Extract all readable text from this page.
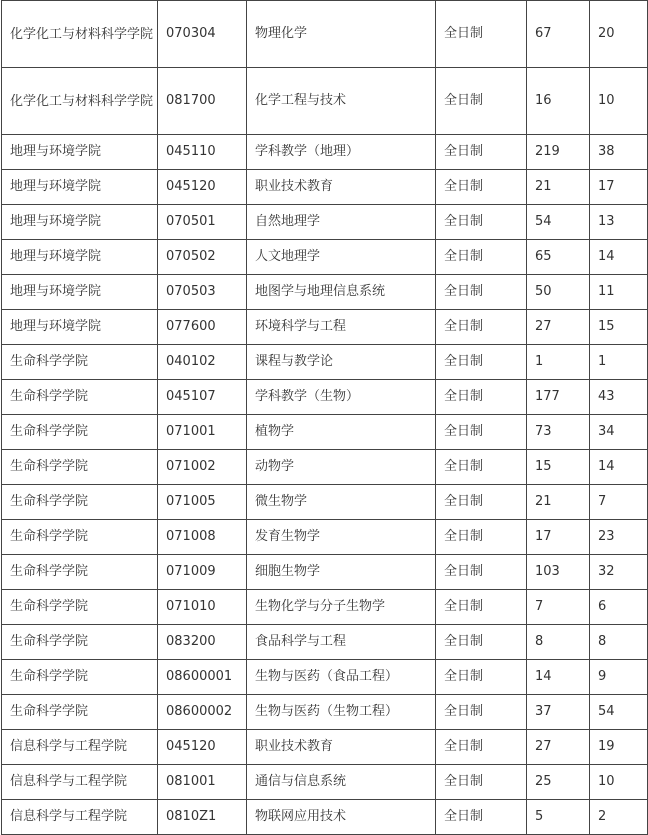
化学化工与材料科学学院	070304	物理化学	全日制	67	20
化学化工与材料科学学院	081700	化学工程与技术	全日制	16	10
地理与环境学院	045110	学科教学（地理）	全日制	219	38
地理与环境学院	045120	职业技术教育	全日制	21	17
地理与环境学院	070501	自然地理学	全日制	54	13
地理与环境学院	070502	人文地理学	全日制	65	14
地理与环境学院	070503	地图学与地理信息系统	全日制	50	11
地理与环境学院	077600	环境科学与工程	全日制	27	15
生命科学学院	040102	课程与教学论	全日制	1	1
生命科学学院	045107	学科教学（生物）	全日制	177	43
生命科学学院	071001	植物学	全日制	73	34
生命科学学院	071002	动物学	全日制	15	14
生命科学学院	071005	微生物学	全日制	21	7
生命科学学院	071008	发育生物学	全日制	17	23
生命科学学院	071009	细胞生物学	全日制	103	32
生命科学学院	071010	生物化学与分子生物学	全日制	7	6
生命科学学院	083200	食品科学与工程	全日制	8	8
生命科学学院	08600001	生物与医药（食品工程）	全日制	14	9
生命科学学院	08600002	生物与医药（生物工程）	全日制	37	54
信息科学与工程学院	045120	职业技术教育	全日制	27	19
信息科学与工程学院	081001	通信与信息系统	全日制	25	10
信息科学与工程学院	0810Z1	物联网应用技术	全日制	5	2
